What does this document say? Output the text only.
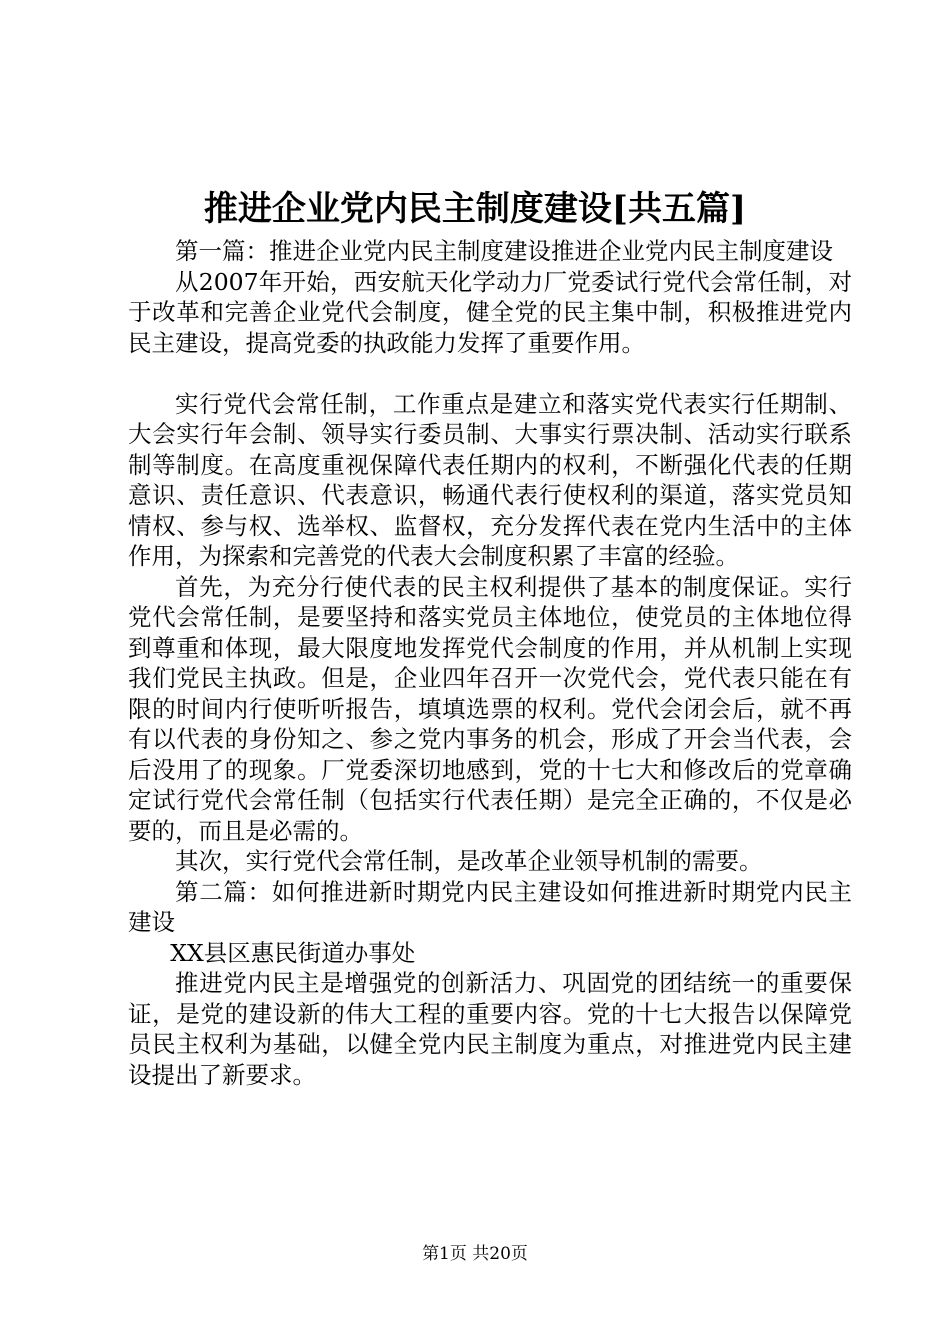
推进企业党内民主制度建设[共五篇]

第一篇：推进企业党内民主制度建设推进企业党内民主制度建设

从2007年开始，西安航天化学动力厂党委试行党代会常任制，对于改革和完善企业党代会制度，健全党的民主集中制，积极推进党内民主建设，提高党委的执政能力发挥了重要作用。

实行党代会常任制，工作重点是建立和落实党代表实行任期制、大会实行年会制、领导实行委员制、大事实行票决制、活动实行联系制等制度。在高度重视保障代表任期内的权利，不断强化代表的任期意识、责任意识、代表意识，畅通代表行使权利的渠道，落实党员知情权、参与权、选举权、监督权，充分发挥代表在党内生活中的主体作用，为探索和完善党的代表大会制度积累了丰富的经验。

首先，为充分行使代表的民主权利提供了基本的制度保证。实行党代会常任制，是要坚持和落实党员主体地位，使党员的主体地位得到尊重和体现，最大限度地发挥党代会制度的作用，并从机制上实现我们党民主执政。但是，企业四年召开一次党代会，党代表只能在有限的时间内行使听听报告，填填选票的权利。党代会闭会后，就不再有以代表的身份知之、参之党内事务的机会，形成了开会当代表，会后没用了的现象。厂党委深切地感到，党的十七大和修改后的党章确定试行党代会常任制（包括实行代表任期）是完全正确的，不仅是必要的，而且是必需的。

其次，实行党代会常任制，是改革企业领导机制的需要。

第二篇：如何推进新时期党内民主建设如何推进新时期党内民主建设

XX县区惠民街道办事处

推进党内民主是增强党的创新活力、巩固党的团结统一的重要保证，是党的建设新的伟大工程的重要内容。党的十七大报告以保障党员民主权利为基础，以健全党内民主制度为重点，对推进党内民主建设提出了新要求。

第1页 共20页
